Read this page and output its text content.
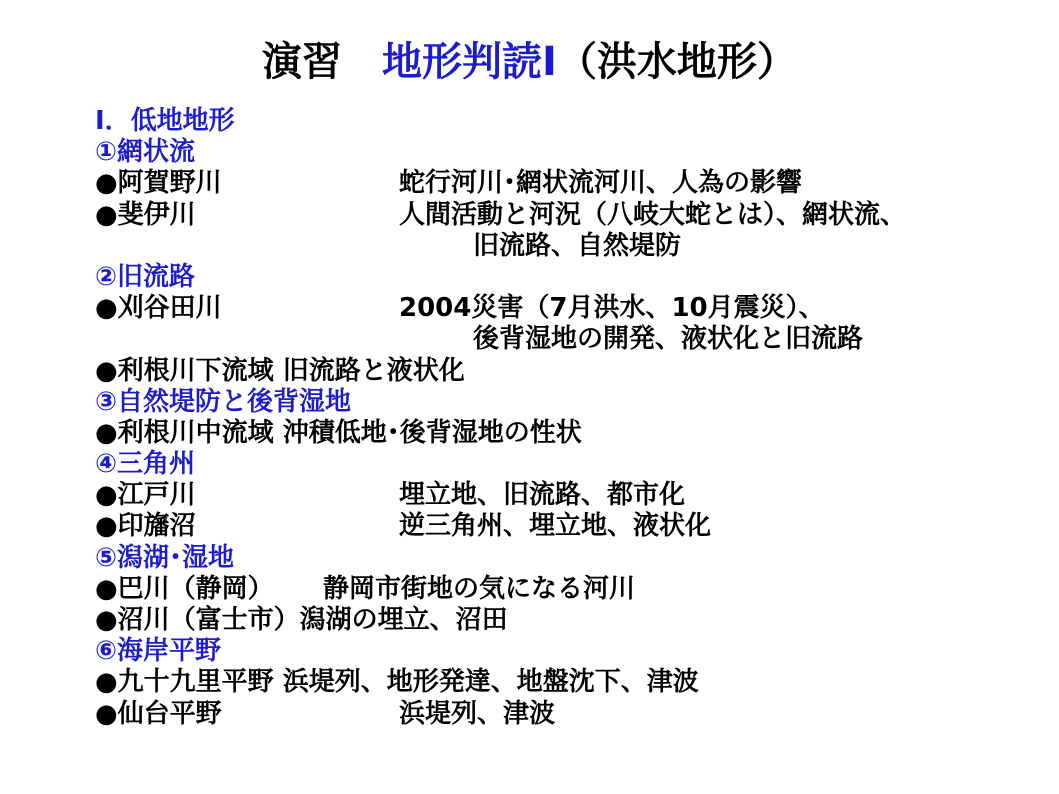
演習　地形判読Ⅰ（洪水地形）
Ⅰ．低地地形
①網状流
●阿賀野川	蛇行河川･網状流河川、人為の影響
●斐伊川	人間活動と河況（八岐大蛇とは）、網状流、
旧流路、自然堤防
②旧流路
●刈谷田川	2004災害（7月洪水、10月震災）、
後背湿地の開発、液状化と旧流路
●利根川下流域 旧流路と液状化
③自然堤防と後背湿地
●利根川中流域 沖積低地･後背湿地の性状
④三角州
●江戸川	埋立地、旧流路、都市化
●印旛沼	逆三角州、埋立地、液状化
⑤潟湖･湿地
●巴川（静岡） 静岡市街地の気になる河川
●沼川（富士市）潟湖の埋立、沼田
⑥海岸平野
●九十九里平野 浜堤列、地形発達、地盤沈下、津波
●仙台平野	浜堤列、津波
